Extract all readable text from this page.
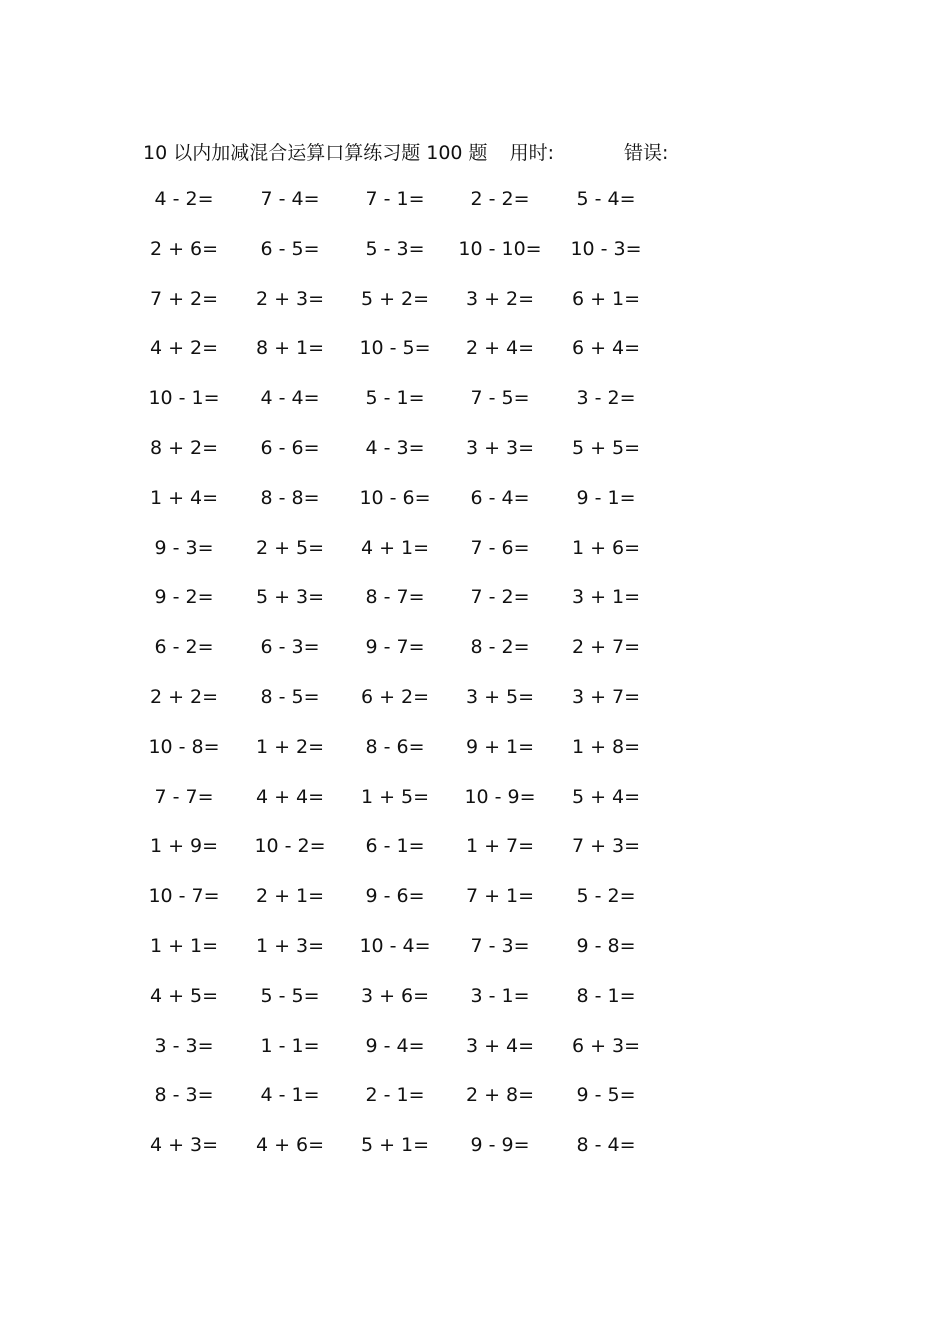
10 以内加减混合运算口算练习题 100 题 用时:	错误:
4 - 2=	7 - 4=	7 - 1=	2 - 2=	5 - 4=
2 + 6=	6 - 5=	5 - 3=	10 - 10=	10 - 3=
7 + 2=	2 + 3=	5 + 2=	3 + 2=	6 + 1=
4 + 2=	8 + 1=	10 - 5=	2 + 4=	6 + 4=
10 - 1=	4 - 4=	5 - 1=	7 - 5=	3 - 2=
8 + 2=	6 - 6=	4 - 3=	3 + 3=	5 + 5=
1 + 4=	8 - 8=	10 - 6=	6 - 4=	9 - 1=
9 - 3=	2 + 5=	4 + 1=	7 - 6=	1 + 6=
9 - 2=	5 + 3=	8 - 7=	7 - 2=	3 + 1=
6 - 2=	6 - 3=	9 - 7=	8 - 2=	2 + 7=
2 + 2=	8 - 5=	6 + 2=	3 + 5=	3 + 7=
10 - 8=	1 + 2=	8 - 6=	9 + 1=	1 + 8=
7 - 7=	4 + 4=	1 + 5=	10 - 9=	5 + 4=
1 + 9=	10 - 2=	6 - 1=	1 + 7=	7 + 3=
10 - 7=	2 + 1=	9 - 6=	7 + 1=	5 - 2=
1 + 1=	1 + 3=	10 - 4=	7 - 3=	9 - 8=
4 + 5=	5 - 5=	3 + 6=	3 - 1=	8 - 1=
3 - 3=	1 - 1=	9 - 4=	3 + 4=	6 + 3=
8 - 3=	4 - 1=	2 - 1=	2 + 8=	9 - 5=
4 + 3=	4 + 6=	5 + 1=	9 - 9=	8 - 4=
